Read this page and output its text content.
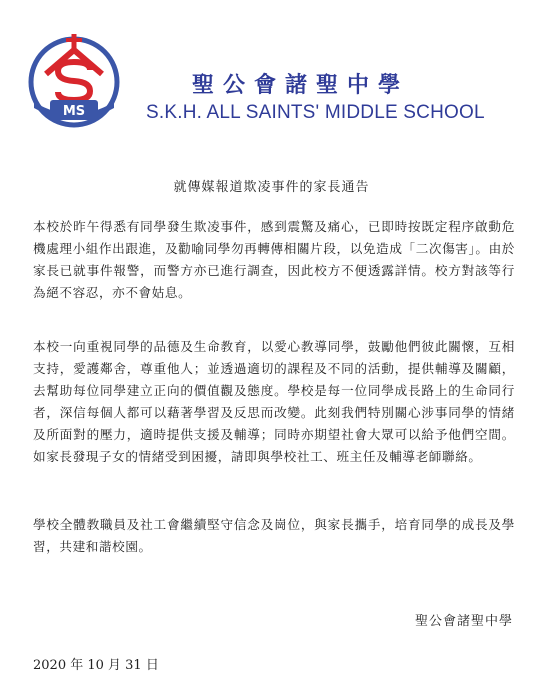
MS
聖公會諸聖中學
S.K.H. ALL SAINTS' MIDDLE SCHOOL
就傳媒報道欺凌事件的家長通告

本校於昨午得悉有同學發生欺凌事件，感到震驚及痛心，已即時按既定程序啟動危機處理小組作出跟進，及勸喻同學勿再轉傳相關片段，以免造成「二次傷害」。由於家長已就事件報警，而警方亦已進行調查，因此校方不便透露詳情。校方對該等行為絕不容忍，亦不會姑息。

本校一向重視同學的品德及生命教育，以愛心教導同學，鼓勵他們彼此關懷，互相支持，愛護鄰舍，尊重他人；並透過適切的課程及不同的活動，提供輔導及關顧，去幫助每位同學建立正向的價值觀及態度。學校是每一位同學成長路上的生命同行者，深信每個人都可以藉著學習及反思而改變。此刻我們特別關心涉事同學的情緒及所面對的壓力，適時提供支援及輔導；同時亦期望社會大眾可以給予他們空間。如家長發現子女的情緒受到困擾，請即與學校社工、班主任及輔導老師聯絡。

學校全體教職員及社工會繼續堅守信念及崗位，與家長攜手，培育同學的成長及學習，共建和諧校園。

聖公會諸聖中學
2020 年 10 月 31 日
